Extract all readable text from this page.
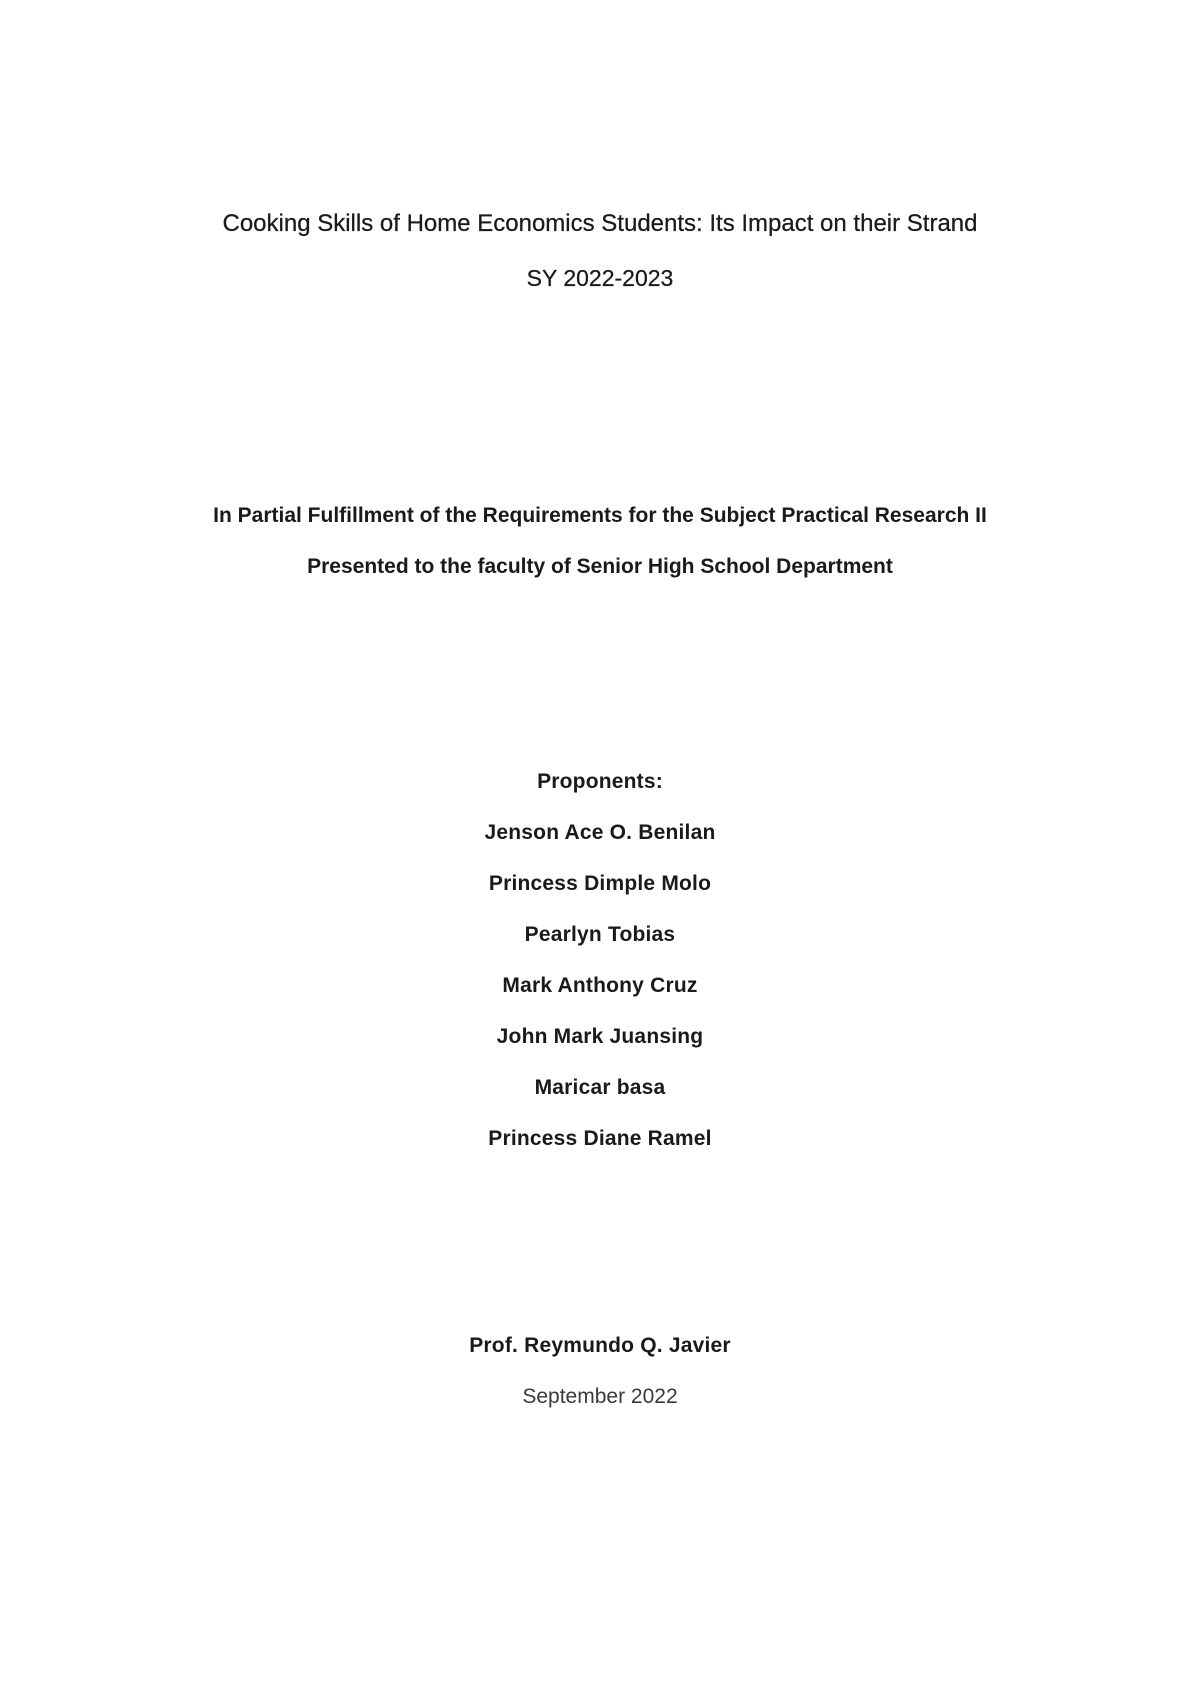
Cooking Skills of Home Economics Students: Its Impact on their Strand
SY 2022-2023
In Partial Fulfillment of the Requirements for the Subject Practical Research II
Presented to the faculty of Senior High School Department
Proponents:
Jenson Ace O. Benilan
Princess Dimple Molo
Pearlyn Tobias
Mark Anthony Cruz
John Mark Juansing
Maricar basa
Princess Diane Ramel
Prof. Reymundo Q. Javier
September 2022
